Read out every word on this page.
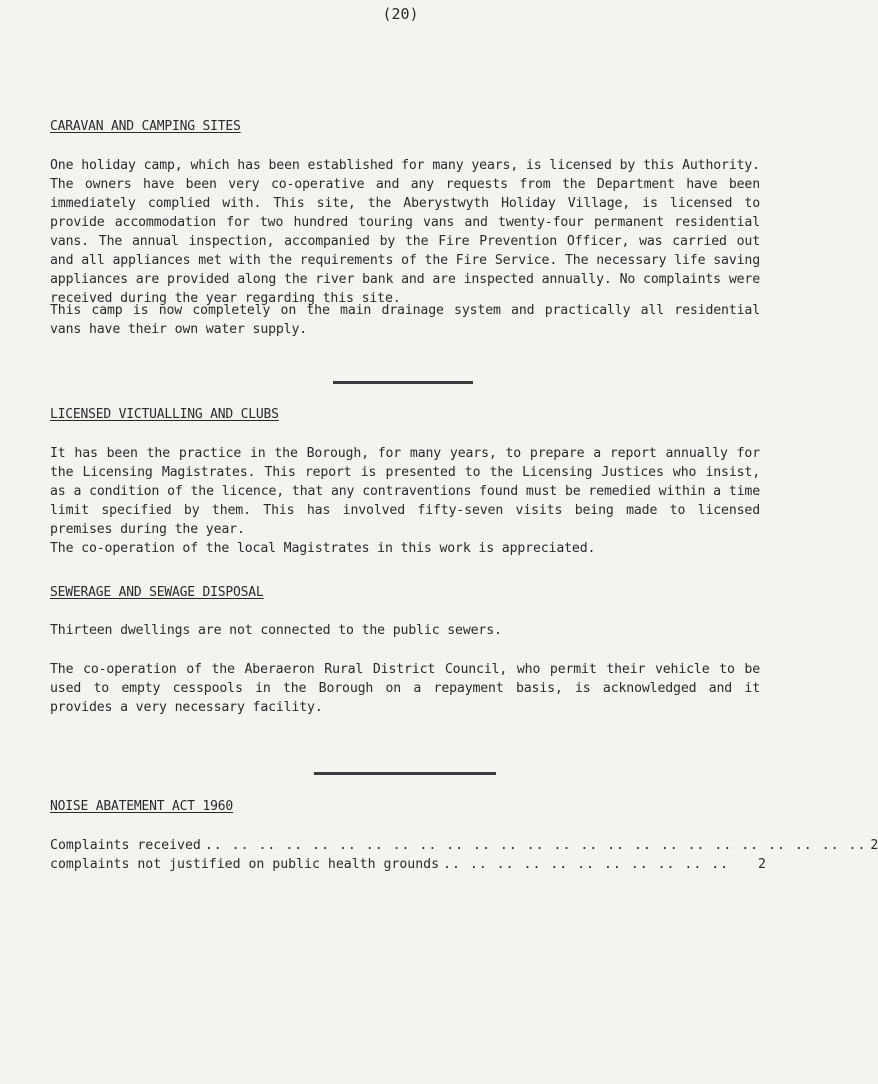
(20)
CARAVAN AND CAMPING SITES

One holiday camp, which has been established for many years, is licensed by this Authority. The owners have been very co-operative and any requests from the Department have been immediately complied with. This site, the Aberystwyth Holiday Village, is licensed to provide accommodation for two hundred touring vans and twenty-four permanent residential vans. The annual inspection, accompanied by the Fire Prevention Officer, was carried out and all appliances met with the requirements of the Fire Service. The necessary life saving appliances are provided along the river bank and are inspected annually. No complaints were received during the year regarding this site.

This camp is now completely on the main drainage system and practically all residential vans have their own water supply.

LICENSED VICTUALLING AND CLUBS

It has been the practice in the Borough, for many years, to prepare a report annually for the Licensing Magistrates. This report is presented to the Licensing Justices who insist, as a condition of the licence, that any contraventions found must be remedied within a time limit specified by them. This has involved fifty-seven visits being made to licensed premises during the year.

The co-operation of the local Magistrates in this work is appreciated.

SEWERAGE AND SEWAGE DISPOSAL

Thirteen dwellings are not connected to the public sewers.

The co-operation of the Aberaeron Rural District Council, who permit their vehicle to be used to empty cesspools in the Borough on a repayment basis, is acknowledged and it provides a very necessary facility.

NOISE ABATEMENT ACT 1960
Complaints received .. .. .. .. .. .. .. .. .. .. .. .. .. .. .. .. .. .. .. .. .. .. .. .. .. 2
complaints not justified on public health grounds .. .. .. .. .. .. .. .. .. .. ..	2
